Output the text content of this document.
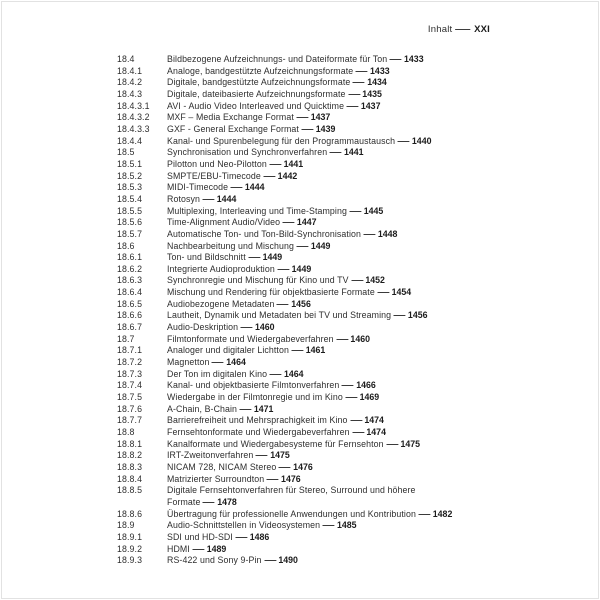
Inhalt — XXI
18.4	Bildbezogene Aufzeichnungs- und Dateiformate für Ton — 1433
18.4.1	Analoge, bandgestützte Aufzeichnungsformate — 1433
18.4.2	Digitale, bandgestützte Aufzeichnungsformate — 1434
18.4.3	Digitale, dateibasierte Aufzeichnungsformate — 1435
18.4.3.1	AVI - Audio Video Interleaved und Quicktime — 1437
18.4.3.2	MXF – Media Exchange Format — 1437
18.4.3.3	GXF - General Exchange Format — 1439
18.4.4	Kanal- und Spurenbelegung für den Programmaustausch — 1440
18.5	Synchronisation und Synchronverfahren — 1441
18.5.1	Pilotton und Neo-Pilotton — 1441
18.5.2	SMPTE/EBU-Timecode — 1442
18.5.3	MIDI-Timecode — 1444
18.5.4	Rotosyn — 1444
18.5.5	Multiplexing, Interleaving und Time-Stamping — 1445
18.5.6	Time-Alignment Audio/Video — 1447
18.5.7	Automatische Ton- und Ton-Bild-Synchronisation — 1448
18.6	Nachbearbeitung und Mischung — 1449
18.6.1	Ton- und Bildschnitt — 1449
18.6.2	Integrierte Audioproduktion — 1449
18.6.3	Synchronregie und Mischung für Kino und TV — 1452
18.6.4	Mischung und Rendering für objektbasierte Formate — 1454
18.6.5	Audiobezogene Metadaten — 1456
18.6.6	Lautheit, Dynamik und Metadaten bei TV und Streaming — 1456
18.6.7	Audio-Deskription — 1460
18.7	Filmtonformate und Wiedergabeverfahren — 1460
18.7.1	Analoger und digitaler Lichtton — 1461
18.7.2	Magnetton — 1464
18.7.3	Der Ton im digitalen Kino — 1464
18.7.4	Kanal- und objektbasierte Filmtonverfahren — 1466
18.7.5	Wiedergabe in der Filmtonregie und im Kino — 1469
18.7.6	A-Chain, B-Chain — 1471
18.7.7	Barrierefreiheit und Mehrsprachigkeit im Kino — 1474
18.8	Fernsehtonformate und Wiedergabeverfahren — 1474
18.8.1	Kanalformate und Wiedergabesysteme für Fernsehton — 1475
18.8.2	IRT-Zweitonverfahren — 1475
18.8.3	NICAM 728, NICAM Stereo — 1476
18.8.4	Matrizierter Surroundton — 1476
18.8.5	Digitale Fernsehtonverfahren für Stereo, Surround und höhere
Formate — 1478
18.8.6	Übertragung für professionelle Anwendungen und Kontribution — 1482
18.9	Audio-Schnittstellen in Videosystemen — 1485
18.9.1	SDI und HD-SDI — 1486
18.9.2	HDMI — 1489
18.9.3	RS-422 und Sony 9-Pin — 1490
